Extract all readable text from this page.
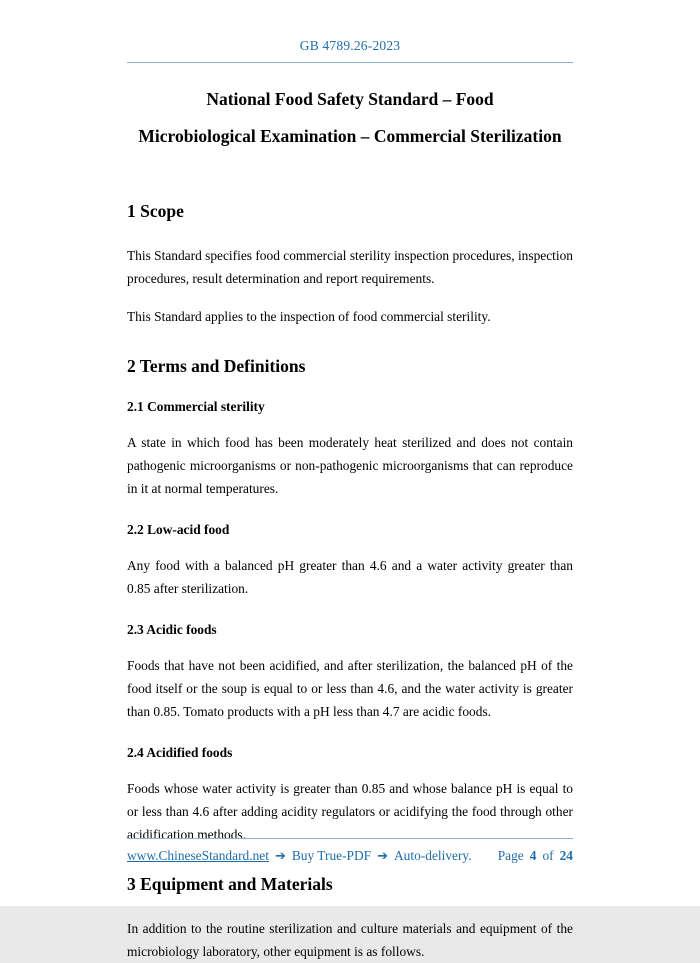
GB 4789.26-2023
National Food Safety Standard – Food
Microbiological Examination – Commercial Sterilization
1 Scope

This Standard specifies food commercial sterility inspection procedures, inspection procedures, result determination and report requirements.

This Standard applies to the inspection of food commercial sterility.

2 Terms and Definitions
2.1 Commercial sterility

A state in which food has been moderately heat sterilized and does not contain pathogenic microorganisms or non-pathogenic microorganisms that can reproduce in it at normal temperatures.

2.2 Low-acid food

Any food with a balanced pH greater than 4.6 and a water activity greater than 0.85 after sterilization.

2.3 Acidic foods

Foods that have not been acidified, and after sterilization, the balanced pH of the food itself or the soup is equal to or less than 4.6, and the water activity is greater than 0.85. Tomato products with a pH less than 4.7 are acidic foods.

2.4 Acidified foods

Foods whose water activity is greater than 0.85 and whose balance pH is equal to or less than 4.6 after adding acidity regulators or acidifying the food through other acidification methods.

3 Equipment and Materials

In addition to the routine sterilization and culture materials and equipment of the microbiology laboratory, other equipment is as follows.

www.ChineseStandard.net ➔ Buy True-PDF ➔ Auto-delivery. Page 4 of 24
